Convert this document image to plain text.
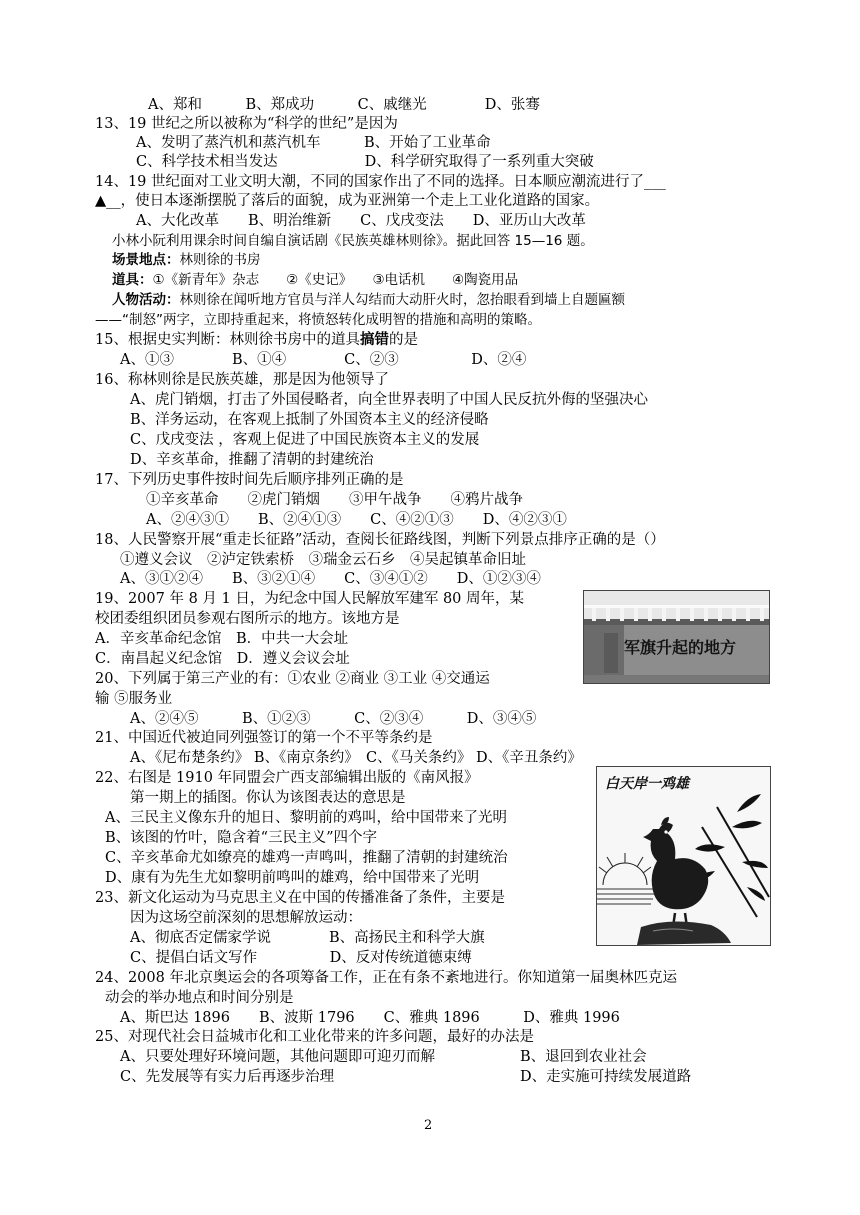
A、郑和　　　B、郑成功　　　C、戚继光　　　　D、张骞
13、19 世纪之所以被称为“科学的世纪”是因为
A、发明了蒸汽机和蒸汽机车　　　B、开始了工业革命
C、科学技术相当发达　　　　　　D、科学研究取得了一系列重大突破
14、19 世纪面对工业文明大潮，不同的国家作出了不同的选择。日本顺应潮流进行了___
▲__，使日本逐渐摆脱了落后的面貌，成为亚洲第一个走上工业化道路的国家。
A、大化改革　　B、明治维新　　C、戊戌变法　　D、亚历山大改革
小林小阮利用课余时间自编自演话剧《民族英雄林则徐》。据此回答 15—16 题。
场景地点：林则徐的书房
道具：①《新青年》杂志　　②《史记》　　③电话机　　④陶瓷用品
人物活动：林则徐在闻听地方官员与洋人勾结而大动肝火时，忽抬眼看到墙上自题匾额
——“制怒”两字，立即持重起来，将愤怒转化成明智的措施和高明的策略。
15、根据史实判断：林则徐书房中的道具搞错的是
A、①③　　　　B、①④　　　　C、②③　　　　　D、②④
16、称林则徐是民族英雄，那是因为他领导了
A、虎门销烟，打击了外国侵略者，向全世界表明了中国人民反抗外侮的坚强决心
B、洋务运动，在客观上抵制了外国资本主义的经济侵略
C、戊戌变法 ，客观上促进了中国民族资本主义的发展
D、辛亥革命，推翻了清朝的封建统治
17、下列历史事件按时间先后顺序排列正确的是
①辛亥革命　　②虎门销烟　　③甲午战争　　④鸦片战争
A、②④③①　　B、②④①③　　C、④②①③　　D、④②③①
18、人民警察开展“重走长征路”活动，查阅长征路线图，判断下列景点排序正确的是（）
①遵义会议　②泸定铁索桥　③瑞金云石乡　④吴起镇革命旧址
A、③①②④　　B、③②①④　　C、③④①②　　D、①②③④
19、2007 年 8 月 1 日，为纪念中国人民解放军建军 80 周年，某
校团委组织团员参观右图所示的地方。该地方是
A．辛亥革命纪念馆　B．中共一大会址
C．南昌起义纪念馆　D．遵义会议会址
20、下列属于第三产业的有：①农业 ②商业 ③工业 ④交通运
输 ⑤服务业
A、②④⑤　　　B、①②③　　　C、②③④　　　D、③④⑤
21、中国近代被迫同列强签订的第一个不平等条约是
A、《尼布楚条约》 B、《南京条约》　C、《马关条约》 D、《辛丑条约》
22、右图是 1910 年同盟会广西支部编辑出版的《南风报》
第一期上的插图。你认为该图表达的意思是
A、三民主义像东升的旭日、黎明前的鸡叫，给中国带来了光明
B、该图的竹叶，隐含着“三民主义”四个字
C、辛亥革命尤如缭亮的雄鸡一声鸣叫，推翻了清朝的封建统治
D、康有为先生尤如黎明前鸣叫的雄鸡，给中国带来了光明
23、新文化运动为马克思主义在中国的传播准备了条件，主要是
因为这场空前深刻的思想解放运动：
A、彻底否定儒家学说　　　　B、高扬民主和科学大旗
C、提倡白话文写作　　　　　D、反对传统道德束缚
24、2008 年北京奥运会的各项筹备工作，正在有条不紊地进行。你知道第一届奥林匹克运
动会的举办地点和时间分别是
A、斯巴达 1896　　B、波斯 1796　　C、雅典 1896　　　D、雅典 1996
25、对现代社会日益城市化和工业化带来的许多问题，最好的办法是
A、只要处理好环境问题，其他问题即可迎刃而解	B、退回到农业社会
C、先发展等有实力后再逐步治理	D、走实施可持续发展道路
军旗升起的地方
白天岸一鸡雄
2
